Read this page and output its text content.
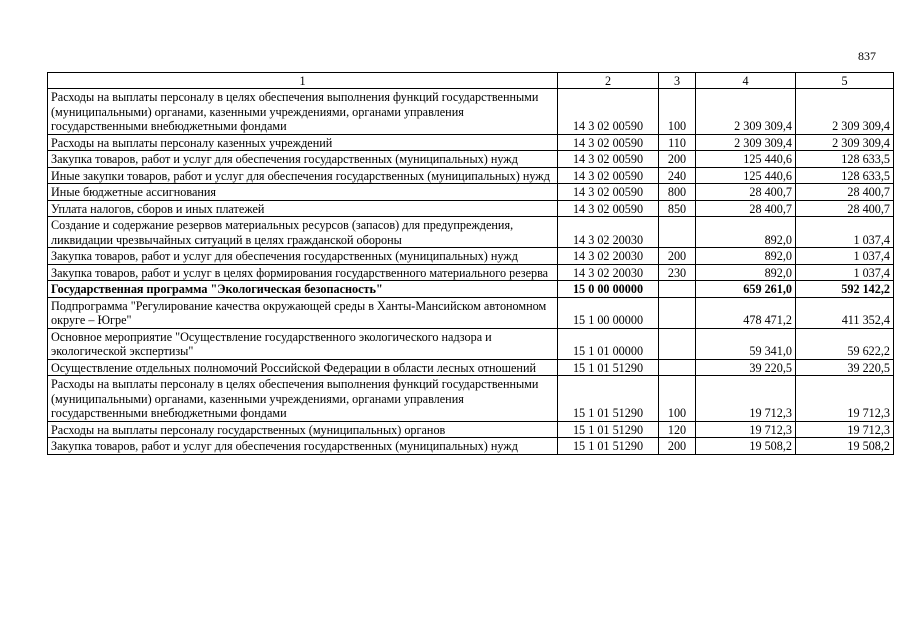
837
1	2	3	4	5
Расходы на выплаты персоналу в целях обеспечения выполнения функций государственными (муниципальными) органами, казенными учреждениями, органами управления государственными внебюджетными фондами	14 3 02 00590	100	2 309 309,4	2 309 309,4
Расходы на выплаты персоналу казенных учреждений	14 3 02 00590	110	2 309 309,4	2 309 309,4
Закупка товаров, работ и услуг для обеспечения государственных (муниципальных) нужд	14 3 02 00590	200	125 440,6	128 633,5
Иные закупки товаров, работ и услуг для обеспечения государственных (муниципальных) нужд	14 3 02 00590	240	125 440,6	128 633,5
Иные бюджетные ассигнования	14 3 02 00590	800	28 400,7	28 400,7
Уплата налогов, сборов и иных платежей	14 3 02 00590	850	28 400,7	28 400,7
Создание и содержание резервов материальных ресурсов (запасов) для предупреждения, ликвидации чрезвычайных ситуаций в целях гражданской обороны	14 3 02 20030		892,0	1 037,4
Закупка товаров, работ и услуг для обеспечения государственных (муниципальных) нужд	14 3 02 20030	200	892,0	1 037,4
Закупка товаров, работ и услуг в целях формирования государственного материального резерва	14 3 02 20030	230	892,0	1 037,4
Государственная программа "Экологическая безопасность"	15 0 00 00000		659 261,0	592 142,2
Подпрограмма "Регулирование качества окружающей среды в Ханты-Мансийском автономном округе – Югре"	15 1 00 00000		478 471,2	411 352,4
Основное мероприятие "Осуществление государственного экологического надзора и экологической экспертизы"	15 1 01 00000		59 341,0	59 622,2
Осуществление отдельных полномочий Российской Федерации в области лесных отношений	15 1 01 51290		39 220,5	39 220,5
Расходы на выплаты персоналу в целях обеспечения выполнения функций государственными (муниципальными) органами, казенными учреждениями, органами управления государственными внебюджетными фондами	15 1 01 51290	100	19 712,3	19 712,3
Расходы на выплаты персоналу государственных (муниципальных) органов	15 1 01 51290	120	19 712,3	19 712,3
Закупка товаров, работ и услуг для обеспечения государственных (муниципальных) нужд	15 1 01 51290	200	19 508,2	19 508,2
